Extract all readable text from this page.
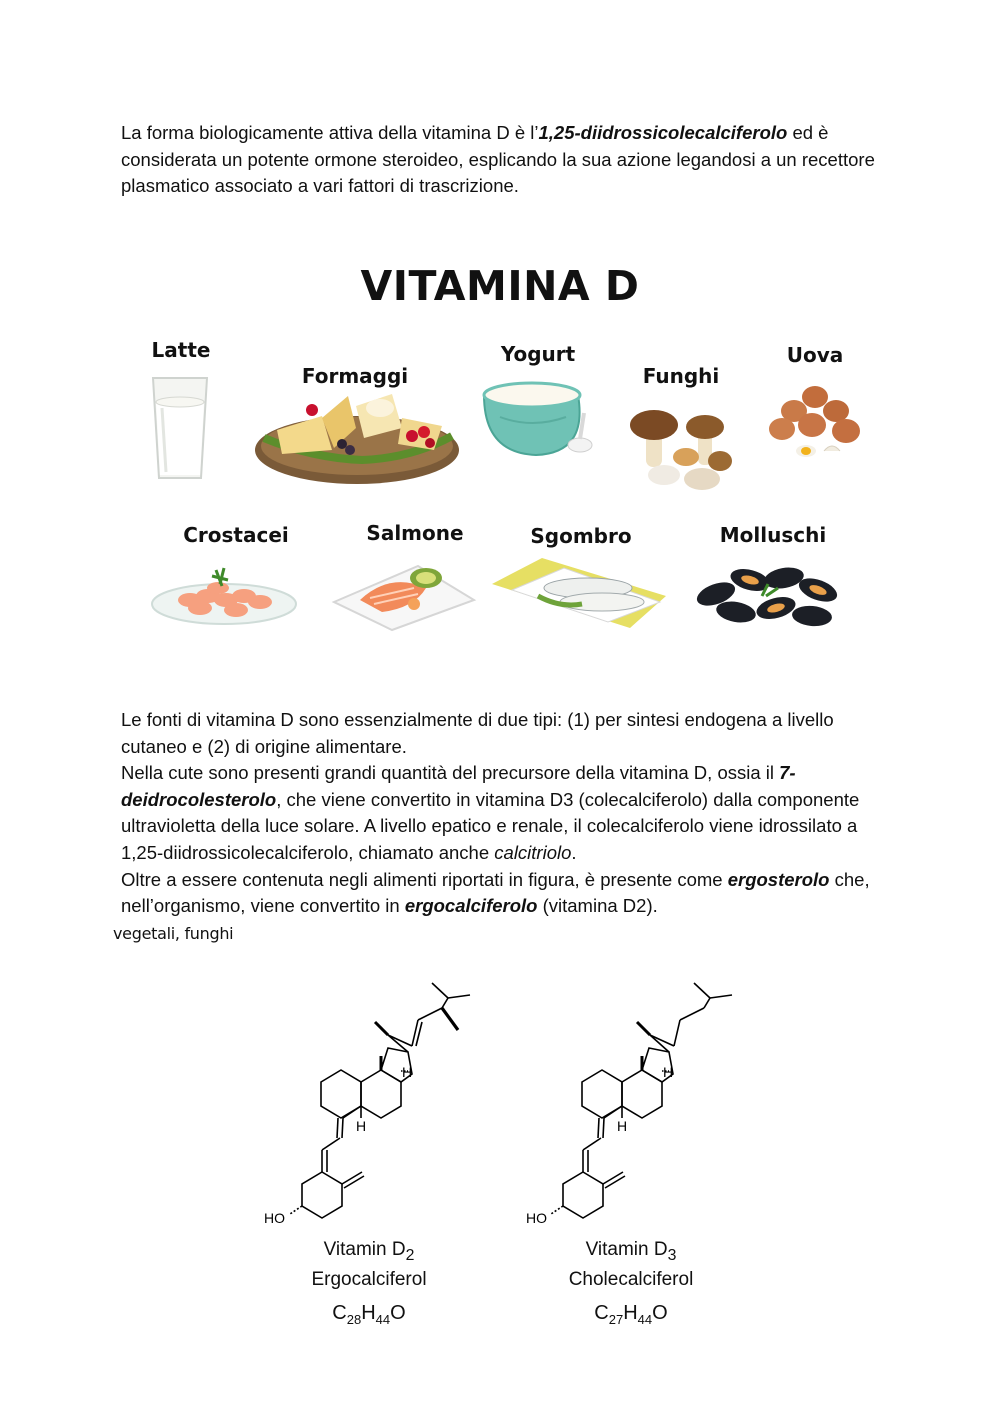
La forma biologicamente attiva della vitamina D è l’1,25-diidrossicolecalciferolo ed è considerata un potente ormone steroideo, esplicando la sua azione legandosi a un recettore plasmatico associato a vari fattori di trascrizione.

VITAMINA D
Latte
Formaggi
Yogurt
Funghi
Uova
Crostacei	Salmone	Sgombro	Molluschi

Le fonti di vitamina D sono essenzialmente di due tipi: (1) per sintesi endogena a livello cutaneo e (2) di origine alimentare.

Nella cute sono presenti grandi quantità del precursore della vitamina D, ossia il 7-deidrocolesterolo, che viene convertito in vitamina D3 (colecalciferolo) dalla componente ultravioletta della luce solare. A livello epatico e renale, il colecalciferolo viene idrossilato a 1,25-diidrossicolecalciferolo, chiamato anche calcitriolo.

Oltre a essere contenuta negli alimenti riportati in figura, è presente come ergosterolo che, nell’organismo, viene convertito in ergocalciferolo (vitamina D2).

vegetali, funghi
H
H
HO
H
H
HO
Vitamin $D_2$
Ergocalciferol
Vitamin $D_3$
Cholecalciferol
$C_{28}H_{44}O$	$C_{27}H_{44}O$
